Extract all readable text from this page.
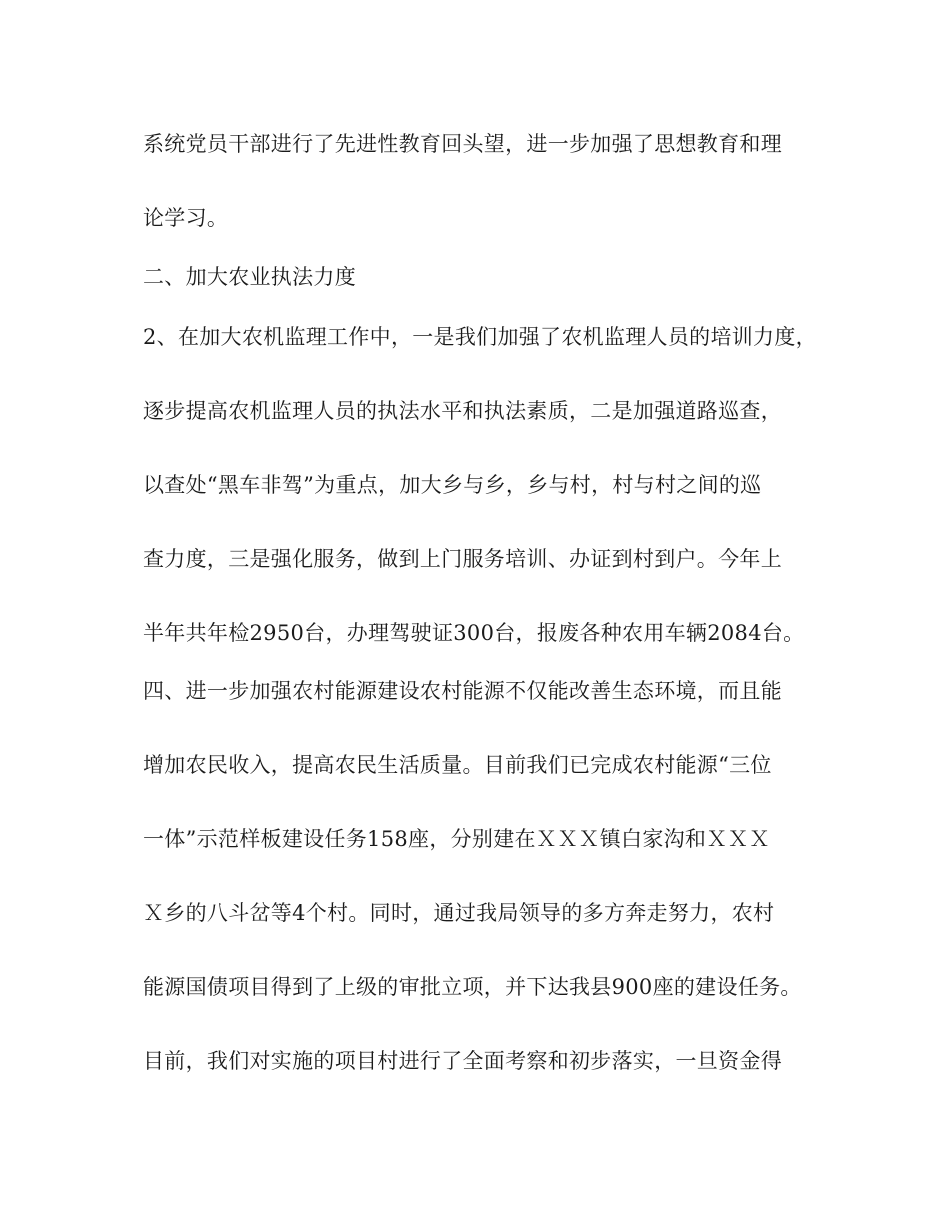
系统党员干部进行了先进性教育回头望，进一步加强了思想教育和理
论学习。
二、加大农业执法力度
2、在加大农机监理工作中，一是我们加强了农机监理人员的培训力度，
逐步提高农机监理人员的执法水平和执法素质，二是加强道路巡查，
以查处“黑车非驾”为重点，加大乡与乡，乡与村，村与村之间的巡
查力度，三是强化服务，做到上门服务培训、办证到村到户。今年上
半年共年检2950台，办理驾驶证300台，报废各种农用车辆2084台。
四、进一步加强农村能源建设农村能源不仅能改善生态环境，而且能
增加农民收入，提高农民生活质量。目前我们已完成农村能源“三位
一体”示范样板建设任务158座，分别建在ＸＸＸ镇白家沟和ＸＸＸ
Ｘ乡的八斗岔等4个村。同时，通过我局领导的多方奔走努力，农村
能源国债项目得到了上级的审批立项，并下达我县900座的建设任务。
目前，我们对实施的项目村进行了全面考察和初步落实，一旦资金得
